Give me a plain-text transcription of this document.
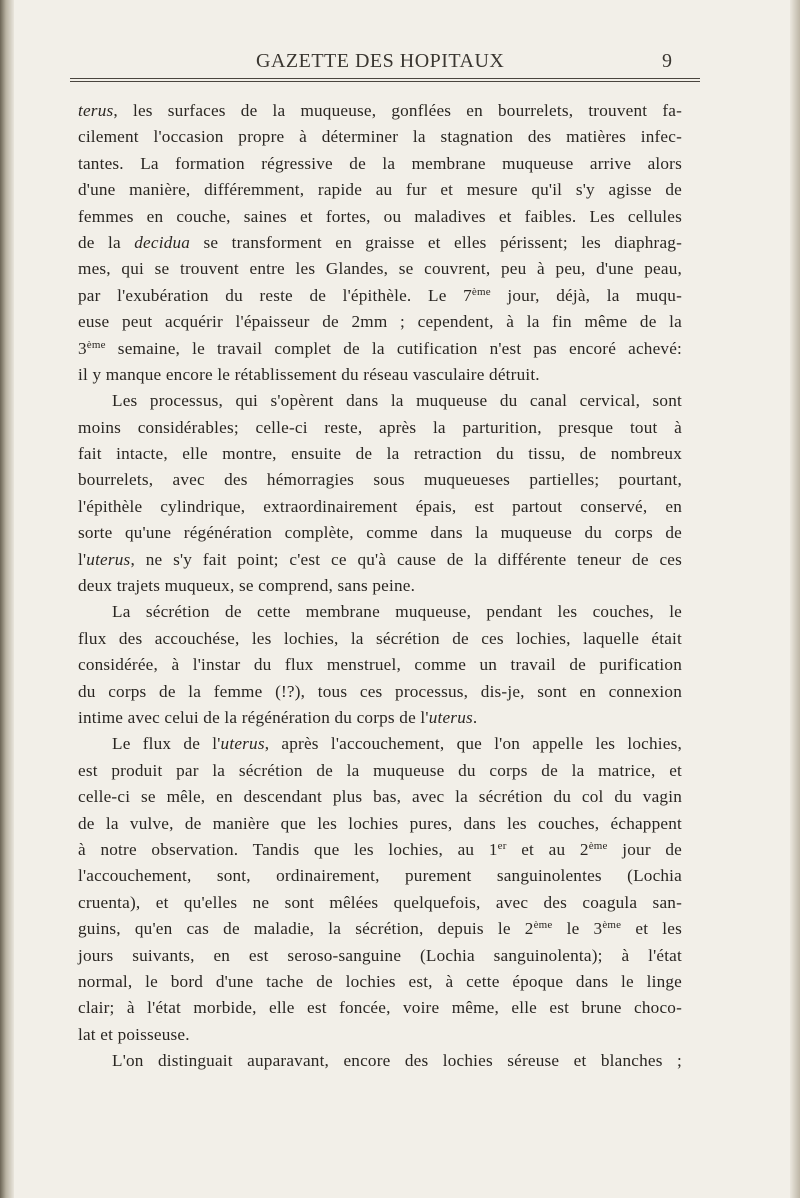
GAZETTE DES HOPITAUX	9
terus, les surfaces de la muqueuse, gonflées en bourrelets, trouvent fa-
cilement l'occasion propre à déterminer la stagnation des matières infec-
tantes. La formation régressive de la membrane muqueuse arrive alors
d'une manière, différemment, rapide au fur et mesure qu'il s'y agisse de
femmes en couche, saines et fortes, ou maladives et faibles. Les cellules
de la decidua se transforment en graisse et elles périssent; les diaphrag-
mes, qui se trouvent entre les Glandes, se couvrent, peu à peu, d'une peau,
par l'exubération du reste de l'épithèle. Le 7ème jour, déjà, la muqu-
euse peut acquérir l'épaisseur de 2mm ; cependent, à la fin même de la
3ème semaine, le travail complet de la cutification n'est pas encoré achevé:
il y manque encore le rétablissement du réseau vasculaire détruit.
Les processus, qui s'opèrent dans la muqueuse du canal cervical, sont
moins considérables; celle-ci reste, après la parturition, presque tout à
fait intacte, elle montre, ensuite de la retraction du tissu, de nombreux
bourrelets, avec des hémorragies sous muqueueses partielles; pourtant,
l'épithèle cylindrique, extraordinairement épais, est partout conservé, en
sorte qu'une régénération complète, comme dans la muqueuse du corps de
l'uterus, ne s'y fait point; c'est ce qu'à cause de la différente teneur de ces
deux trajets muqueux, se comprend, sans peine.
La sécrétion de cette membrane muqueuse, pendant les couches, le
flux des accouchése, les lochies, la sécrétion de ces lochies, laquelle était
considérée, à l'instar du flux menstruel, comme un travail de purification
du corps de la femme (!?), tous ces processus, dis-je, sont en connexion
intime avec celui de la régénération du corps de l'uterus.
Le flux de l'uterus, après l'accouchement, que l'on appelle les lochies,
est produit par la sécrétion de la muqueuse du corps de la matrice, et
celle-ci se mêle, en descendant plus bas, avec la sécrétion du col du vagin
de la vulve, de manière que les lochies pures, dans les couches, échappent
à notre observation. Tandis que les lochies, au 1er et au 2ème jour de
l'accouchement, sont, ordinairement, purement sanguinolentes (Lochia
cruenta), et qu'elles ne sont mêlées quelquefois, avec des coagula san-
guins, qu'en cas de maladie, la sécrétion, depuis le 2ème le 3ème et les
jours suivants, en est seroso-sanguine (Lochia sanguinolenta); à l'état
normal, le bord d'une tache de lochies est, à cette époque dans le linge
clair; à l'état morbide, elle est foncée, voire même, elle est brune choco-
lat et poisseuse.
L'on distinguait auparavant, encore des lochies séreuse et blanches ;
